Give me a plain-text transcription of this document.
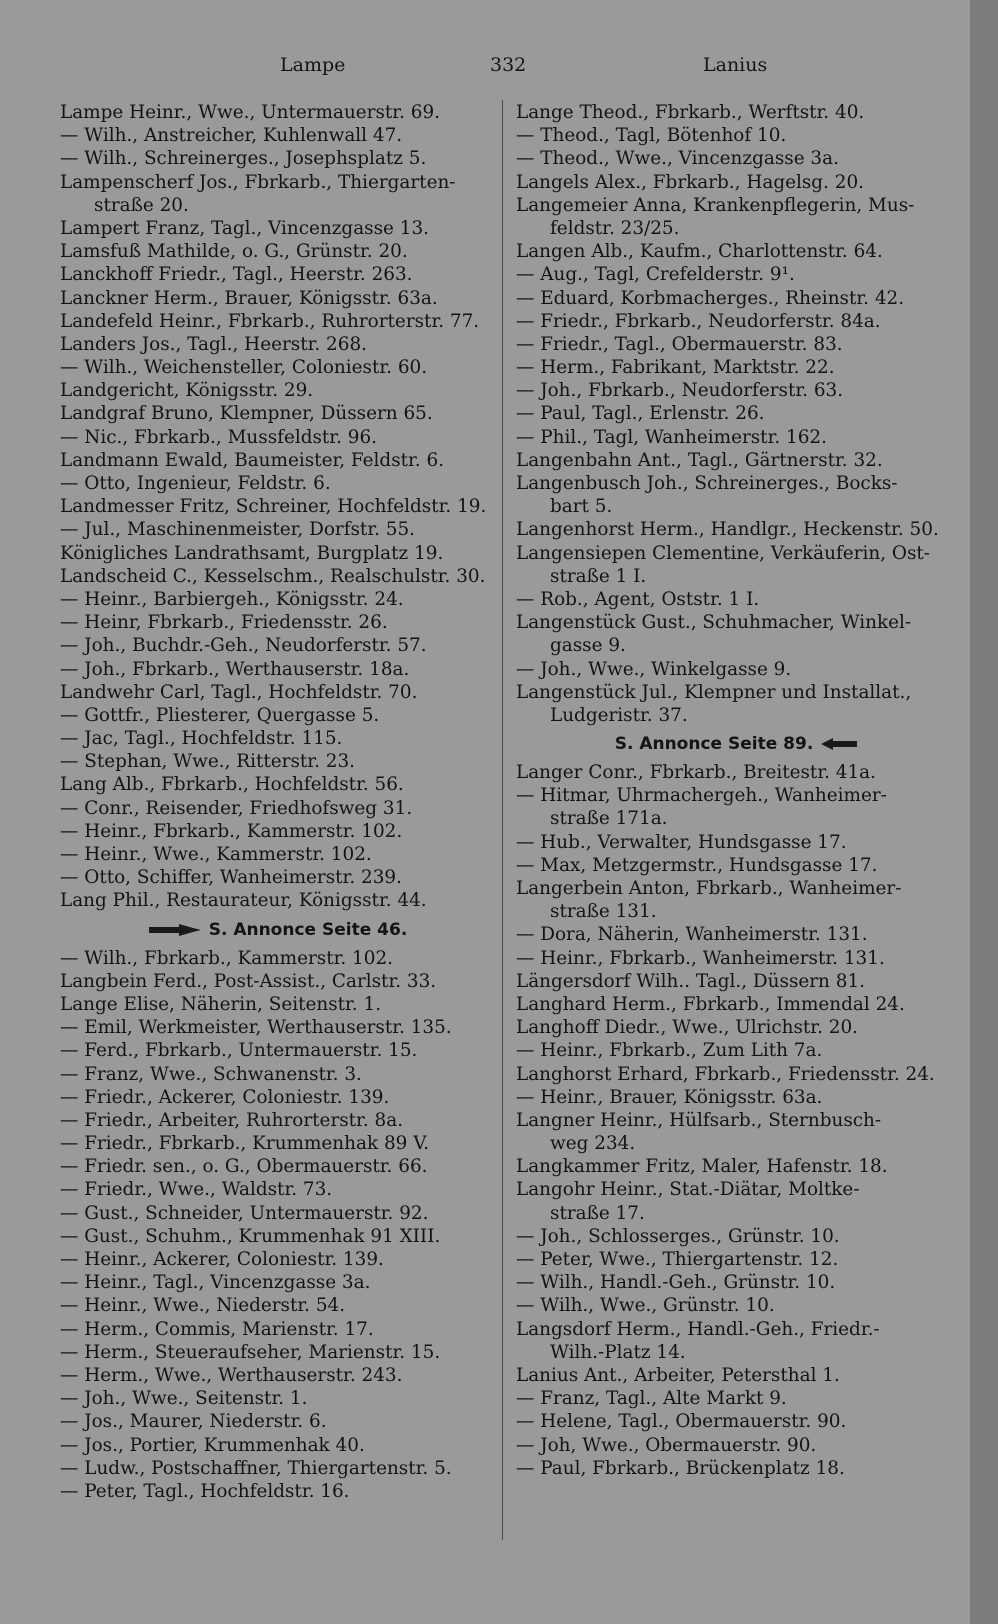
Lampe	332	Lanius
Lampe Heinr., Wwe., Untermauerstr. 69.
— Wilh., Anstreicher, Kuhlenwall 47.
— Wilh., Schreinerges., Josephsplatz 5.
Lampenscherf Jos., Fbrkarb., Thiergarten-
straße 20.
Lampert Franz, Tagl., Vincenzgasse 13.
Lamsfuß Mathilde, o. G., Grünstr. 20.
Lanckhoff Friedr., Tagl., Heerstr. 263.
Lanckner Herm., Brauer, Königsstr. 63a.
Landefeld Heinr., Fbrkarb., Ruhrorterstr. 77.
Landers Jos., Tagl., Heerstr. 268.
— Wilh., Weichensteller, Coloniestr. 60.
Landgericht, Königsstr. 29.
Landgraf Bruno, Klempner, Düssern 65.
— Nic., Fbrkarb., Mussfeldstr. 96.
Landmann Ewald, Baumeister, Feldstr. 6.
— Otto, Ingenieur, Feldstr. 6.
Landmesser Fritz, Schreiner, Hochfeldstr. 19.
— Jul., Maschinenmeister, Dorfstr. 55.
Königliches Landrathsamt, Burgplatz 19.
Landscheid C., Kesselschm., Realschulstr. 30.
— Heinr., Barbiergeh., Königsstr. 24.
— Heinr, Fbrkarb., Friedensstr. 26.
— Joh., Buchdr.-Geh., Neudorferstr. 57.
— Joh., Fbrkarb., Werthauserstr. 18a.
Landwehr Carl, Tagl., Hochfeldstr. 70.
— Gottfr., Pliesterer, Quergasse 5.
— Jac, Tagl., Hochfeldstr. 115.
— Stephan, Wwe., Ritterstr. 23.
Lang Alb., Fbrkarb., Hochfeldstr. 56.
— Conr., Reisender, Friedhofsweg 31.
— Heinr., Fbrkarb., Kammerstr. 102.
— Heinr., Wwe., Kammerstr. 102.
— Otto, Schiffer, Wanheimerstr. 239.
Lang Phil., Restaurateur, Königsstr. 44.
S. Annonce Seite 46.
— Wilh., Fbrkarb., Kammerstr. 102.
Langbein Ferd., Post-Assist., Carlstr. 33.
Lange Elise, Näherin, Seitenstr. 1.
— Emil, Werkmeister, Werthauserstr. 135.
— Ferd., Fbrkarb., Untermauerstr. 15.
— Franz, Wwe., Schwanenstr. 3.
— Friedr., Ackerer, Coloniestr. 139.
— Friedr., Arbeiter, Ruhrorterstr. 8a.
— Friedr., Fbrkarb., Krummenhak 89 V.
— Friedr. sen., o. G., Obermauerstr. 66.
— Friedr., Wwe., Waldstr. 73.
— Gust., Schneider, Untermauerstr. 92.
— Gust., Schuhm., Krummenhak 91 XIII.
— Heinr., Ackerer, Coloniestr. 139.
— Heinr., Tagl., Vincenzgasse 3a.
— Heinr., Wwe., Niederstr. 54.
— Herm., Commis, Marienstr. 17.
— Herm., Steueraufseher, Marienstr. 15.
— Herm., Wwe., Werthauserstr. 243.
— Joh., Wwe., Seitenstr. 1.
— Jos., Maurer, Niederstr. 6.
— Jos., Portier, Krummenhak 40.
— Ludw., Postschaffner, Thiergartenstr. 5.
— Peter, Tagl., Hochfeldstr. 16.
Lange Theod., Fbrkarb., Werftstr. 40.
— Theod., Tagl, Bötenhof 10.
— Theod., Wwe., Vincenzgasse 3a.
Langels Alex., Fbrkarb., Hagelsg. 20.
Langemeier Anna, Krankenpflegerin, Mus-
feldstr. 23/25.
Langen Alb., Kaufm., Charlottenstr. 64.
— Aug., Tagl, Crefelderstr. 9¹.
— Eduard, Korbmacherges., Rheinstr. 42.
— Friedr., Fbrkarb., Neudorferstr. 84a.
— Friedr., Tagl., Obermauerstr. 83.
— Herm., Fabrikant, Marktstr. 22.
— Joh., Fbrkarb., Neudorferstr. 63.
— Paul, Tagl., Erlenstr. 26.
— Phil., Tagl, Wanheimerstr. 162.
Langenbahn Ant., Tagl., Gärtnerstr. 32.
Langenbusch Joh., Schreinerges., Bocks-
bart 5.
Langenhorst Herm., Handlgr., Heckenstr. 50.
Langensiepen Clementine, Verkäuferin, Ost-
straße 1 I.
— Rob., Agent, Oststr. 1 I.
Langenstück Gust., Schuhmacher, Winkel-
gasse 9.
— Joh., Wwe., Winkelgasse 9.
Langenstück Jul., Klempner und Installat.,
Ludgeristr. 37.
S. Annonce Seite 89.
Langer Conr., Fbrkarb., Breitestr. 41a.
— Hitmar, Uhrmachergeh., Wanheimer-
straße 171a.
— Hub., Verwalter, Hundsgasse 17.
— Max, Metzgermstr., Hundsgasse 17.
Langerbein Anton, Fbrkarb., Wanheimer-
straße 131.
— Dora, Näherin, Wanheimerstr. 131.
— Heinr., Fbrkarb., Wanheimerstr. 131.
Längersdorf Wilh.. Tagl., Düssern 81.
Langhard Herm., Fbrkarb., Immendal 24.
Langhoff Diedr., Wwe., Ulrichstr. 20.
— Heinr., Fbrkarb., Zum Lith 7a.
Langhorst Erhard, Fbrkarb., Friedensstr. 24.
— Heinr., Brauer, Königsstr. 63a.
Langner Heinr., Hülfsarb., Sternbusch-
weg 234.
Langkammer Fritz, Maler, Hafenstr. 18.
Langohr Heinr., Stat.-Diätar, Moltke-
straße 17.
— Joh., Schlosserges., Grünstr. 10.
— Peter, Wwe., Thiergartenstr. 12.
— Wilh., Handl.-Geh., Grünstr. 10.
— Wilh., Wwe., Grünstr. 10.
Langsdorf Herm., Handl.-Geh., Friedr.-
Wilh.-Platz 14.
Lanius Ant., Arbeiter, Petersthal 1.
— Franz, Tagl., Alte Markt 9.
— Helene, Tagl., Obermauerstr. 90.
— Joh, Wwe., Obermauerstr. 90.
— Paul, Fbrkarb., Brückenplatz 18.
